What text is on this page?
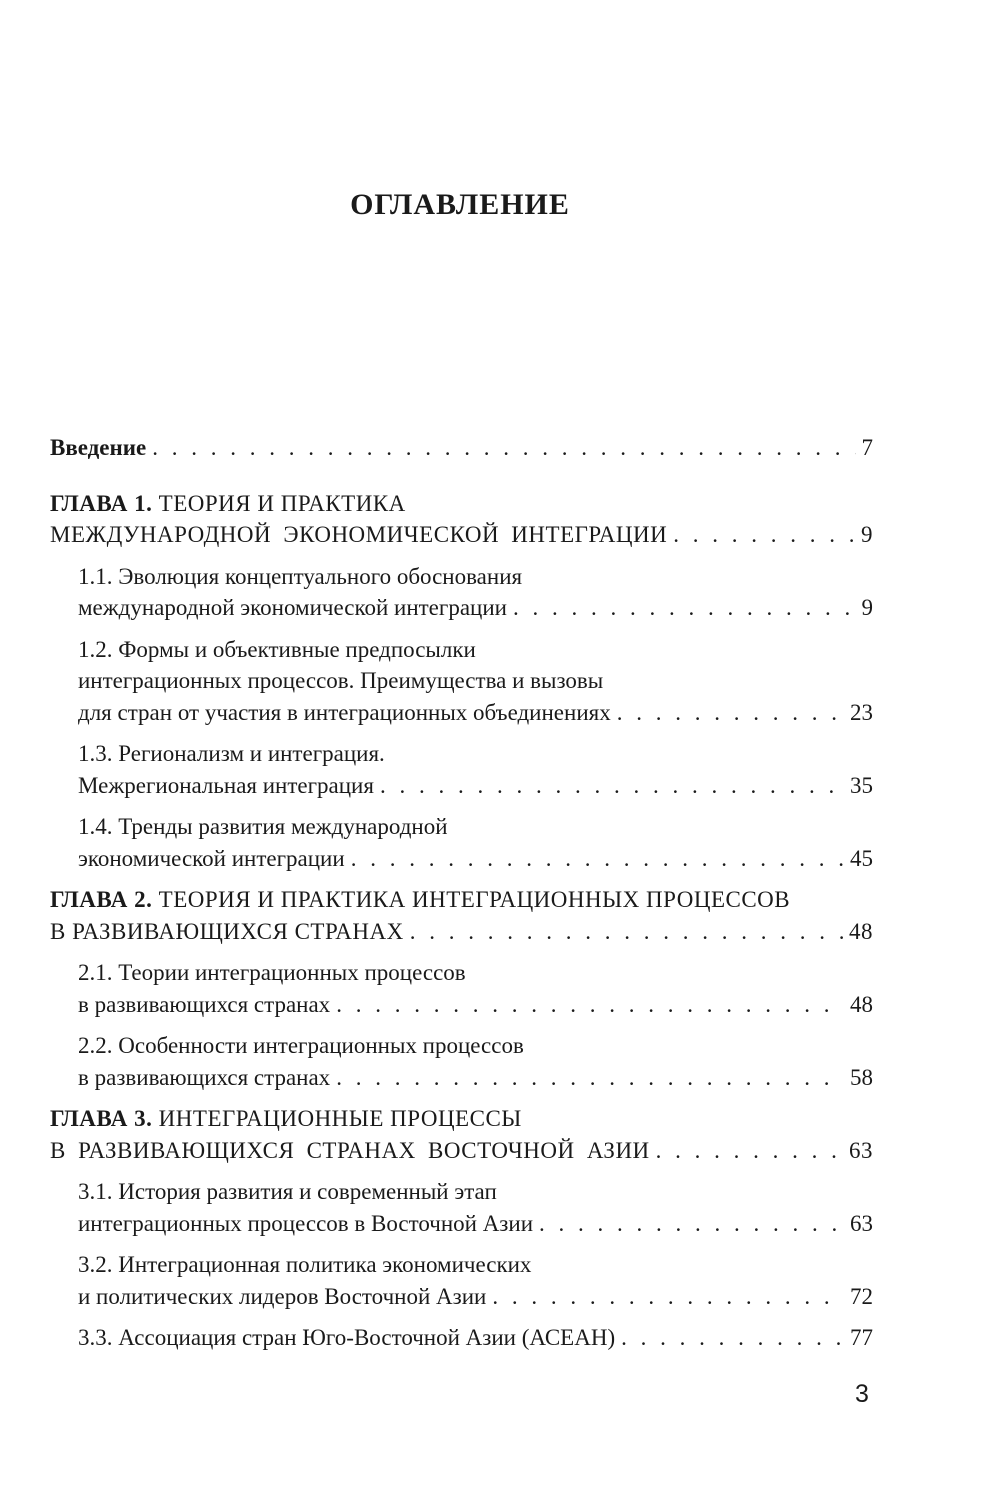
ОГЛАВЛЕНИЕ
Введение . . .	7
ГЛАВА 1. ТЕОРИЯ И ПРАКТИКА
МЕЖДУНАРОДНОЙ ЭКОНОМИЧЕСКОЙ ИНТЕГРАЦИИ . . .	9
1.1. Эволюция концептуального обоснования
международной экономической интеграции . . .	9
1.2. Формы и объективные предпосылки
интеграционных процессов. Преимущества и вызовы
для стран от участия в интеграционных объединениях . . .	23
1.3. Регионализм и интеграция.
Межрегиональная интеграция . . .	35
1.4. Тренды развития международной
экономической интеграции . . .	45
ГЛАВА 2. ТЕОРИЯ И ПРАКТИКА ИНТЕГРАЦИОННЫХ ПРОЦЕССОВ
В РАЗВИВАЮЩИХСЯ СТРАНАХ . . .	48
2.1. Теории интеграционных процессов
в развивающихся странах . . .	48
2.2. Особенности интеграционных процессов
в развивающихся странах . . .	58
ГЛАВА 3. ИНТЕГРАЦИОННЫЕ ПРОЦЕССЫ
В РАЗВИВАЮЩИХСЯ СТРАНАХ ВОСТОЧНОЙ АЗИИ . . .	63
3.1. История развития и современный этап
интеграционных процессов в Восточной Азии . . .	63
3.2. Интеграционная политика экономических
и политических лидеров Восточной Азии . . .	72
3.3. Ассоциация стран Юго-Восточной Азии (АСЕАН) . . .	77
3
